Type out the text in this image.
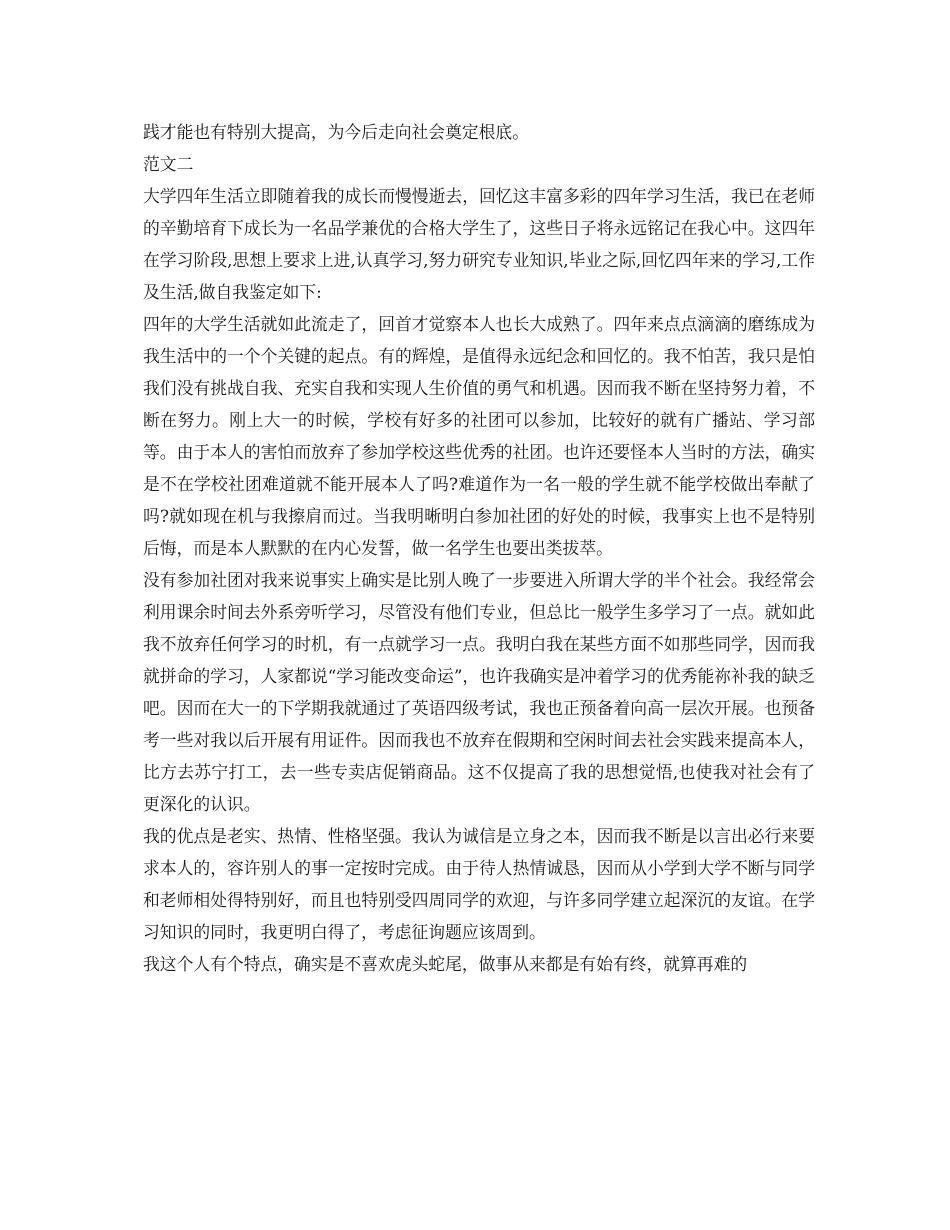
践才能也有特别大提高，为今后走向社会奠定根底。

范文二

大学四年生活立即随着我的成长而慢慢逝去，回忆这丰富多彩的四年学习生活，我已在老师的辛勤培育下成长为一名品学兼优的合格大学生了，这些日子将永远铭记在我心中。这四年在学习阶段,思想上要求上进,认真学习,努力研究专业知识,毕业之际,回忆四年来的学习,工作及生活,做自我鉴定如下:

四年的大学生活就如此流走了，回首才觉察本人也长大成熟了。四年来点点滴滴的磨练成为我生活中的一个个关键的起点。有的辉煌，是值得永远纪念和回忆的。我不怕苦，我只是怕我们没有挑战自我、充实自我和实现人生价值的勇气和机遇。因而我不断在坚持努力着，不断在努力。刚上大一的时候，学校有好多的社团可以参加，比较好的就有广播站、学习部等。由于本人的害怕而放弃了参加学校这些优秀的社团。也许还要怪本人当时的方法，确实是不在学校社团难道就不能开展本人了吗?难道作为一名一般的学生就不能学校做出奉献了吗?就如现在机与我擦肩而过。当我明晰明白参加社团的好处的时候，我事实上也不是特别后悔，而是本人默默的在内心发誓，做一名学生也要出类拔萃。

没有参加社团对我来说事实上确实是比别人晚了一步要进入所谓大学的半个社会。我经常会利用课余时间去外系旁听学习，尽管没有他们专业，但总比一般学生多学习了一点。就如此我不放弃任何学习的时机，有一点就学习一点。我明白我在某些方面不如那些同学，因而我就拼命的学习，人家都说“学习能改变命运”，也许我确实是冲着学习的优秀能祢补我的缺乏吧。因而在大一的下学期我就通过了英语四级考试，我也正预备着向高一层次开展。也预备考一些对我以后开展有用证件。因而我也不放弃在假期和空闲时间去社会实践来提高本人，比方去苏宁打工，去一些专卖店促销商品。这不仅提高了我的思想觉悟,也使我对社会有了更深化的认识。

我的优点是老实、热情、性格坚强。我认为诚信是立身之本，因而我不断是以言出必行来要求本人的，容许别人的事一定按时完成。由于待人热情诚恳，因而从小学到大学不断与同学和老师相处得特别好，而且也特别受四周同学的欢迎，与许多同学建立起深沉的友谊。在学习知识的同时，我更明白得了，考虑征询题应该周到。

我这个人有个特点，确实是不喜欢虎头蛇尾，做事从来都是有始有终，就算再难的
